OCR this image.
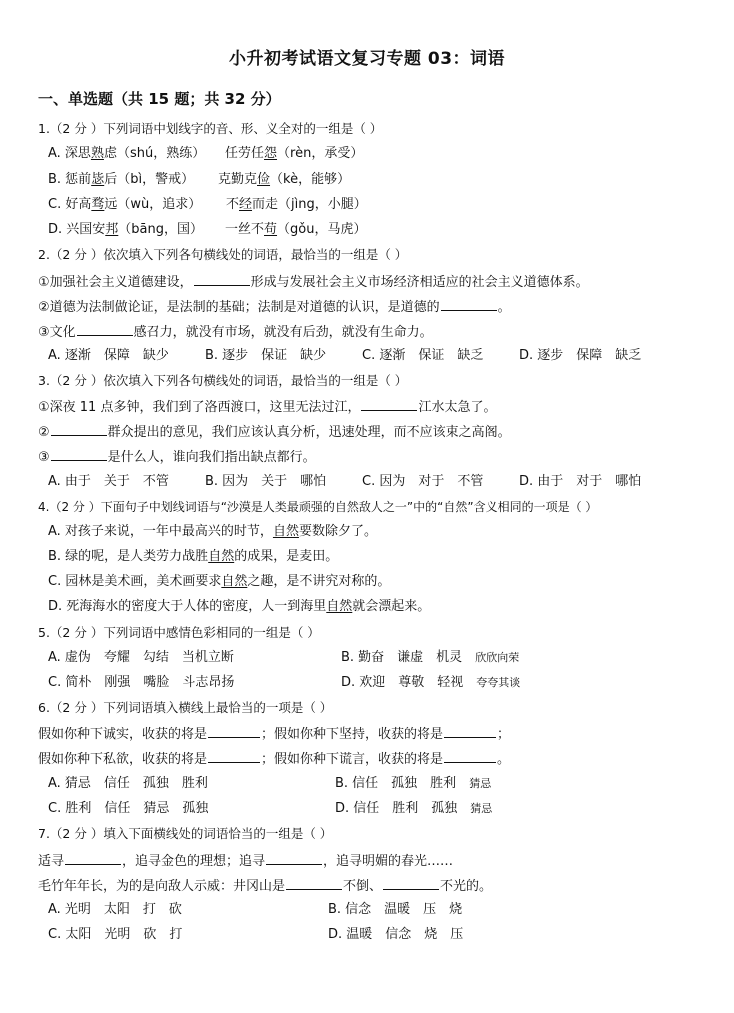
小升初考试语文复习专题 03：词语
一、单选题（共 15 题；共 32 分）
1.（2 分 ）下列词语中划线字的音、形、义全对的一组是（ ）
A. 深思熟虑（shú，熟练） 任劳任怨（rèn，承受）
B. 惩前毖后（bì，警戒） 克勤克俭（kè，能够）
C. 好高骛远（wù，追求） 不经而走（jìng，小腿）
D. 兴国安邦（bāng，国） 一丝不苟（gǒu，马虎）
2.（2 分 ）依次填入下列各句横线处的词语，最恰当的一组是（ ）
①加强社会主义道德建设，	形成与发展社会主义市场经济相适应的社会主义道德体系。
②道德为法制做论证，是法制的基础；法制是对道德的认识，是道德的	。
③文化	感召力，就没有市场，就没有后劲，就没有生命力。
A. 逐渐　保障　缺少	B. 逐步　保证　缺少	C. 逐渐　保证　缺乏	D. 逐步　保障　缺乏
3.（2 分 ）依次填入下列各句横线处的词语，最恰当的一组是（ ）
①深夜 11 点多钟，我们到了洛西渡口，这里无法过江，	江水太急了。
②	群众提出的意见，我们应该认真分析，迅速处理，而不应该束之高阁。
③	是什么人，谁向我们指出缺点都行。
A. 由于　关于　不管	B. 因为　关于　哪怕	C. 因为　对于　不管	D. 由于　对于　哪怕
4.（2 分 ）下面句子中划线词语与“沙漠是人类最顽强的自然敌人之一”中的“自然”含义相同的一项是（ ）
A. 对孩子来说，一年中最高兴的时节，自然要数除夕了。
B. 绿的呢，是人类劳力战胜自然的成果，是麦田。
C. 园林是美术画，美术画要求自然之趣，是不讲究对称的。
D. 死海海水的密度大于人体的密度，人一到海里自然就会漂起来。
5.（2 分 ）下列词语中感情色彩相同的一组是（ ）
A. 虚伪　夸耀　勾结　当机立断	B. 勤奋　谦虚　机灵　 欣欣向荣
C. 简朴　刚强　嘴脸　斗志昂扬	D. 欢迎　尊敬　轻视　 夸夸其谈
6.（2 分 ）下列词语填入横线上最恰当的一项是（ ）
假如你种下诚实，收获的将是	；假如你种下坚持，收获的将是	；
假如你种下私欲，收获的将是	；假如你种下谎言，收获的将是	。
A. 猜忌　信任　孤独　胜利	B. 信任　孤独　胜利　 猜忌
C. 胜利　信任　猜忌　孤独	D. 信任　胜利　孤独　 猜忌
7.（2 分 ）填入下面横线处的词语恰当的一组是（ ）
适寻	，追寻金色的理想；追寻	，追寻明媚的春光……
毛竹年年长，为的是向敌人示威：井冈山是	不倒、	不光的。
A. 光明　太阳　打　砍	B. 信念　温暖　压　烧
C. 太阳　光明　砍　打	D. 温暖　信念　烧　压
